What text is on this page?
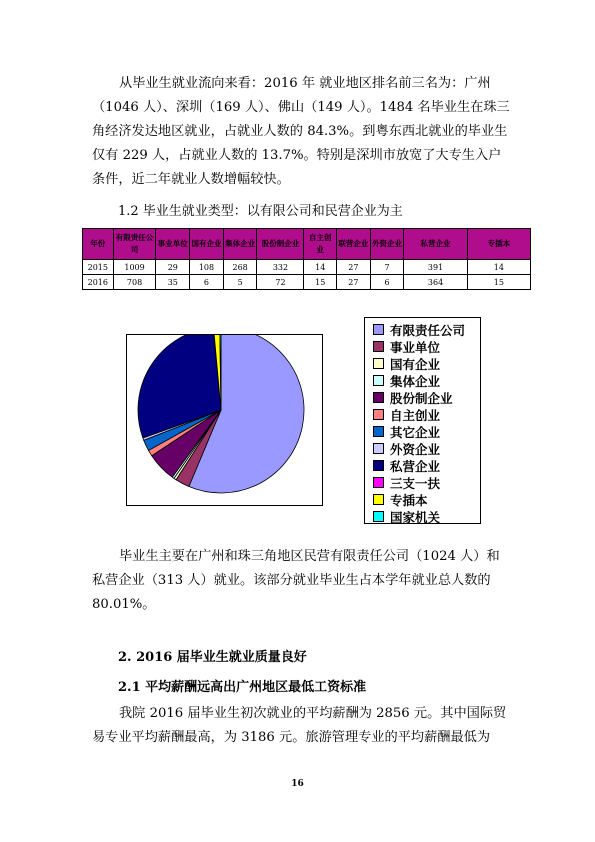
从毕业生就业流向来看：2016 年 就业地区排名前三名为：广州（1046 人）、深圳（169 人）、佛山（149 人）。1484 名毕业生在珠三角经济发达地区就业，占就业人数的 84.3%。到粤东西北就业的毕业生仅有 229 人，占就业人数的 13.7%。特别是深圳市放宽了大专生入户条件，近二年就业人数增幅较快。

1.2 毕业生就业类型：以有限公司和民营企业为主

年份	有限责任公司	事业单位	国有企业	集体企业	股份制企业	自主创业	联营企业	外资企业	私营企业	专插本
2015	1009	29	108	268	332	14	27	7	391	14
2016	708	35	6	5	72	15	27	6	364	15
有限责任公司
事业单位
国有企业
集体企业
股份制企业
自主创业
其它企业
外资企业
私营企业
三支一扶
专插本
国家机关

毕业生主要在广州和珠三角地区民营有限责任公司（1024 人）和私营企业（313 人）就业。该部分就业毕业生占本学年就业总人数的 80.01%。

2. 2016 届毕业生就业质量良好

2.1 平均薪酬远高出广州地区最低工资标准

我院 2016 届毕业生初次就业的平均薪酬为 2856 元。其中国际贸易专业平均薪酬最高，为 3186 元。旅游管理专业的平均薪酬最低为

16
